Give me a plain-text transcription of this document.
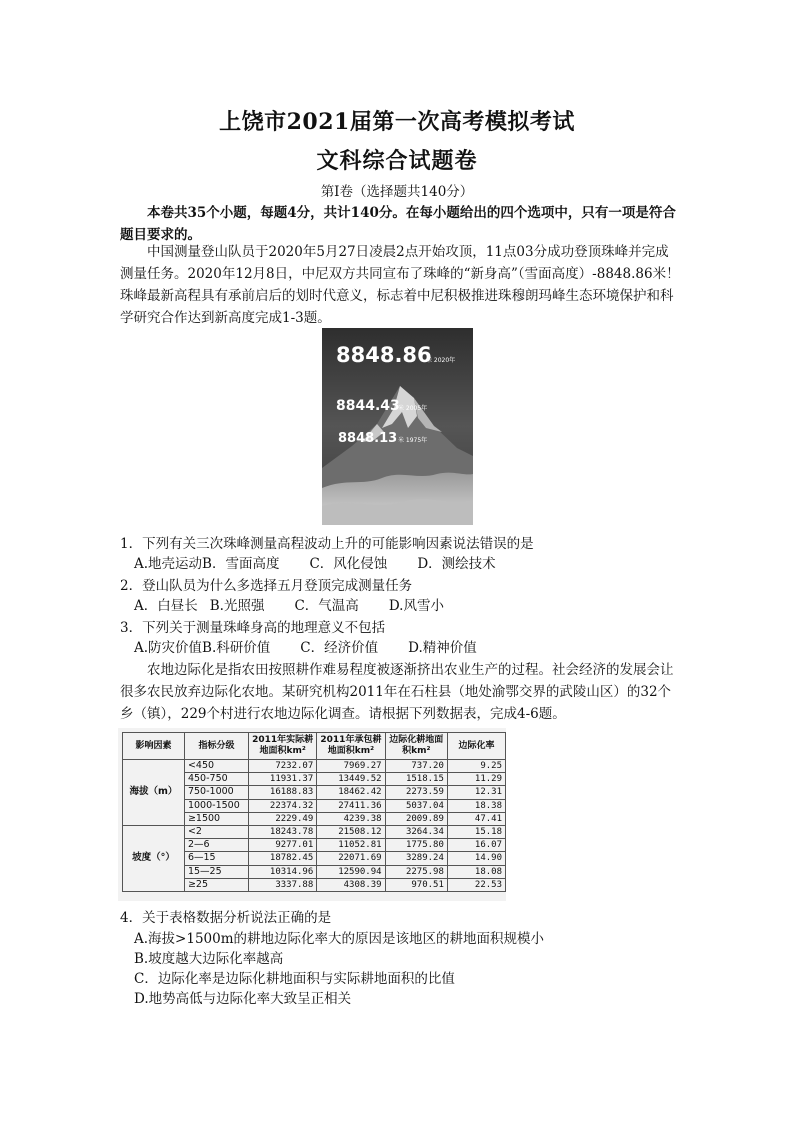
上饶市2021届第一次高考模拟考试
文科综合试题卷
第I卷（选择题共140分）
本卷共35个小题，每题4分，共计140分。在每小题给出的四个选项中，只有一项是符合题目要求的。
中国测量登山队员于2020年5月27日凌晨2点开始攻顶，11点03分成功登顶珠峰并完成测量任务。2020年12月8日，中尼双方共同宣布了珠峰的“新身高”（雪面高度）-8848.86米！珠峰最新高程具有承前启后的划时代意义，标志着中尼积极推进珠穆朗玛峰生态环境保护和科学研究合作达到新高度完成1-3题。
8848.86
米 2020年
8844.43
米 2005年
8848.13 米 1975年
1．下列有关三次珠峰测量高程波动上升的可能影响因素说法错误的是
A.地壳运动B．雪面高度 C．风化侵蚀 D．测绘技术
2．登山队员为什么多选择五月登顶完成测量任务
A．白昼长 B.光照强 C．气温高 D.风雪小
3．下列关于测量珠峰身高的地理意义不包括
A.防灾价值B.科研价值 C．经济价值 D.精神价值
农地边际化是指农田按照耕作难易程度被逐渐挤出农业生产的过程。社会经济的发展会让很多农民放弃边际化农地。某研究机构2011年在石柱县（地处渝鄂交界的武陵山区）的32个乡（镇），229个村进行农地边际化调查。请根据下列数据表，完成4-6题。
影响因素	指标分级	2011年实际耕地面积km²	2011年承包耕地面积km²	边际化耕地面积km²	边际化率
海拔（m）	<450	7232.07	7969.27	737.20	9.25
	450-750	11931.37	13449.52	1518.15	11.29
	750-1000	16188.83	18462.42	2273.59	12.31
	1000-1500	22374.32	27411.36	5037.04	18.38
	≥1500	2229.49	4239.38	2009.89	47.41
坡度（°）	<2	18243.78	21508.12	3264.34	15.18
	2—6	9277.01	11052.81	1775.80	16.07
	6—15	18782.45	22071.69	3289.24	14.90
	15—25	10314.96	12590.94	2275.98	18.08
	≥25	3337.88	4308.39	970.51	22.53
4．关于表格数据分析说法正确的是
A.海拔>1500m的耕地边际化率大的原因是该地区的耕地面积规模小
B.坡度越大边际化率越高
C．边际化率是边际化耕地面积与实际耕地面积的比值
D.地势高低与边际化率大致呈正相关
